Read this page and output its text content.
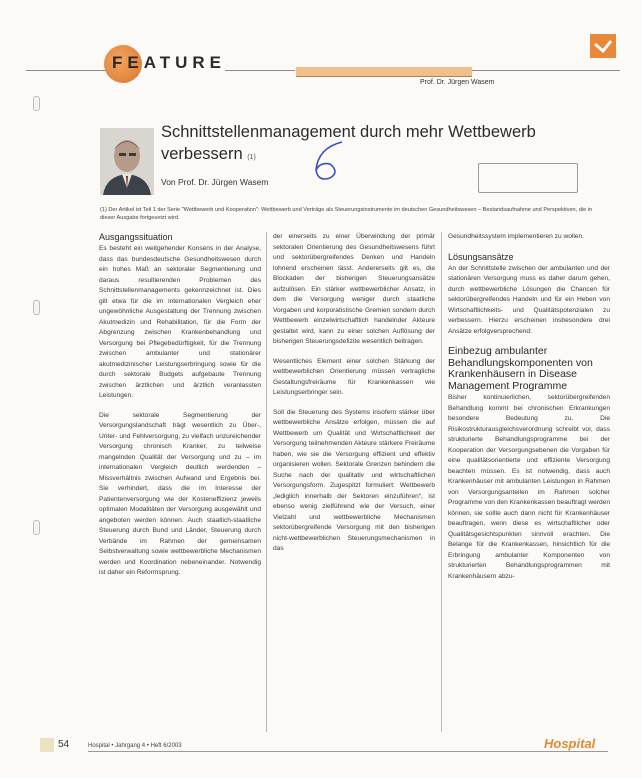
FEATURE
Prof. Dr. Jürgen Wasem
Schnittstellenmanagement durch mehr Wettbewerb verbessern (1)
Von Prof. Dr. Jürgen Wasem
(1) Der Artikel ist Teil 1 der Serie "Wettbewerb und Kooperation": Wettbewerb und Verträge als Steuerungsinstrumente im deutschen Gesundheitswesen – Bestandsaufnahme und Perspektiven, die in dieser Ausgabe fortgesetzt wird.
Ausgangssituation

Es besteht ein weitgehender Konsens in der Analyse, dass das bundesdeutsche Gesundheitswesen durch ein hohes Maß an sektoraler Segmentierung und daraus resultierenden Problemen des Schnittstellenmanagements gekennzeichnet ist. Dies gilt etwa für die im internationalen Vergleich eher ungewöhnliche Ausgestaltung der Trennung zwischen Akutmedizin und Rehabilitation, für die Form der Abgrenzung zwischen Krankenbehandlung und Versorgung bei Pflegebedürftigkeit, für die Trennung zwischen ambulanter und stationärer akutmedizinischer Leistungserbringung sowie für die durch sektorale Budgets aufgebaute Trennung zwischen ärztlichen und ärztlich veranlassten Leistungen.

Die sektorale Segmentierung der Versorgungslandschaft trägt wesentlich zu Über-, Unter- und Fehlversorgung, zu vielfach unzureichender Versorgung chronisch Kranker, zu teilweise mangelnden Qualität der Versorgung und zu – im internationalen Vergleich deutlich werdenden – Missverhältnis zwischen Aufwand und Ergebnis bei. Sie verhindert, dass die im Interesse der Patientenversorgung wie der Kosteneffizienz jeweils optimalen Modalitäten der Versorgung ausgewählt und angeboten werden können. Auch staatlich-staatliche Steuerung durch Bund und Länder, Steuerung durch Verbände im Rahmen der gemeinsamen Selbstverwaltung sowie wettbewerbliche Mechanismen werden und Koordination nebeneinander. Notwendig ist daher ein Reformsprung.

der einerseits zu einer Überwindung der primär sektoralen Orientierung des Gesundheitswesens führt und sektorübergreifendes Denken und Handeln lohnend erscheinen lässt. Andererseits gilt es, die Blockaden der bisherigen Steuerungsansätze aufzulösen. Ein stärker wettbewerblicher Ansatz, in dem die Versorgung weniger durch staatliche Vorgaben und korporatistische Gremien sondern durch Wettbewerb einzelwirtschaftlich handelnder Akteure gestaltet wird, kann zu einer solchen Auflösung der bisherigen Steuerungsdefizite wesentlich beitragen.

Wesentliches Element einer solchen Stärkung der wettbewerblichen Orientierung müssen vertragliche Gestaltungsfreiräume für Krankenkassen wie Leistungserbringer sein.

Soll die Steuerung des Systems insofern stärker über wettbewerbliche Ansätze erfolgen, müssen die auf Wettbewerb um Qualität und Wirtschaftlichkeit der Versorgung teilnehmenden Akteure stärkere Freiräume haben, wie sie die Versorgung effizient und effektiv organisieren wollen. Sektorale Grenzen behindern die Suche nach der qualitativ und wirtschaftlichen Versorgungsform. Zugespitzt formuliert: Wettbewerb „lediglich innerhalb der Sektoren einzuführen“, ist ebenso wenig zielführend wie der Versuch, einer Vielzahl und wettbewerbliche Mechanismen sektorübergreifende Versorgung mit den bisherigen nicht-wettbewerblichen Steuerungsmechanismen in das

Gesundheitssystem implementieren zu wollen.

Lösungsansätze

An der Schnittstelle zwischen der ambulanten und der stationären Versorgung muss es daher darum gehen, durch wettbewerbliche Lösungen die Chancen für sektorübergreifendes Handeln und für ein Heben von Wirtschaftlichkeits- und Qualitätspotenzialen zu verbessern. Hierzu erscheinen insbesondere drei Ansätze erfolgversprechend:

Einbezug ambulanter Behandlungskomponenten von Krankenhäusern in Disease Management Programme

Bisher kontinuierlichen, sektorübergreifenden Behandlung kommt bei chronischen Erkrankungen besondere Bedeutung zu. Die Risikostrukturausgleichsverordnung schreibt vor, dass strukturierte Behandlungsprogramme bei der Kooperation der Versorgungsebenen die Vorgaben für eine qualitätsorientierte und effiziente Versorgung beachten müssen. Es ist notwendig, dass auch Krankenhäuser mit ambulanten Leistungen in Rahmen von Versorgungsanteilen im Rahmen solcher Programme von den Krankenkassen beauftragt werden können, sie sollte auch dann nicht für Krankenhäuser beauftragen, wenn diese es wirtschaftlicher oder Qualitätsgesichtspunkten sinnvoll erachten. Die Belange für die Krankenkassen, hinsichtlich für die Erbringung ambulanter Komponenten von strukturierten Behandlungsprogrammen mit Krankenhäusern abzu-

54	Hospital • Jahrgang 4 • Heft 6/2003	Hospital
